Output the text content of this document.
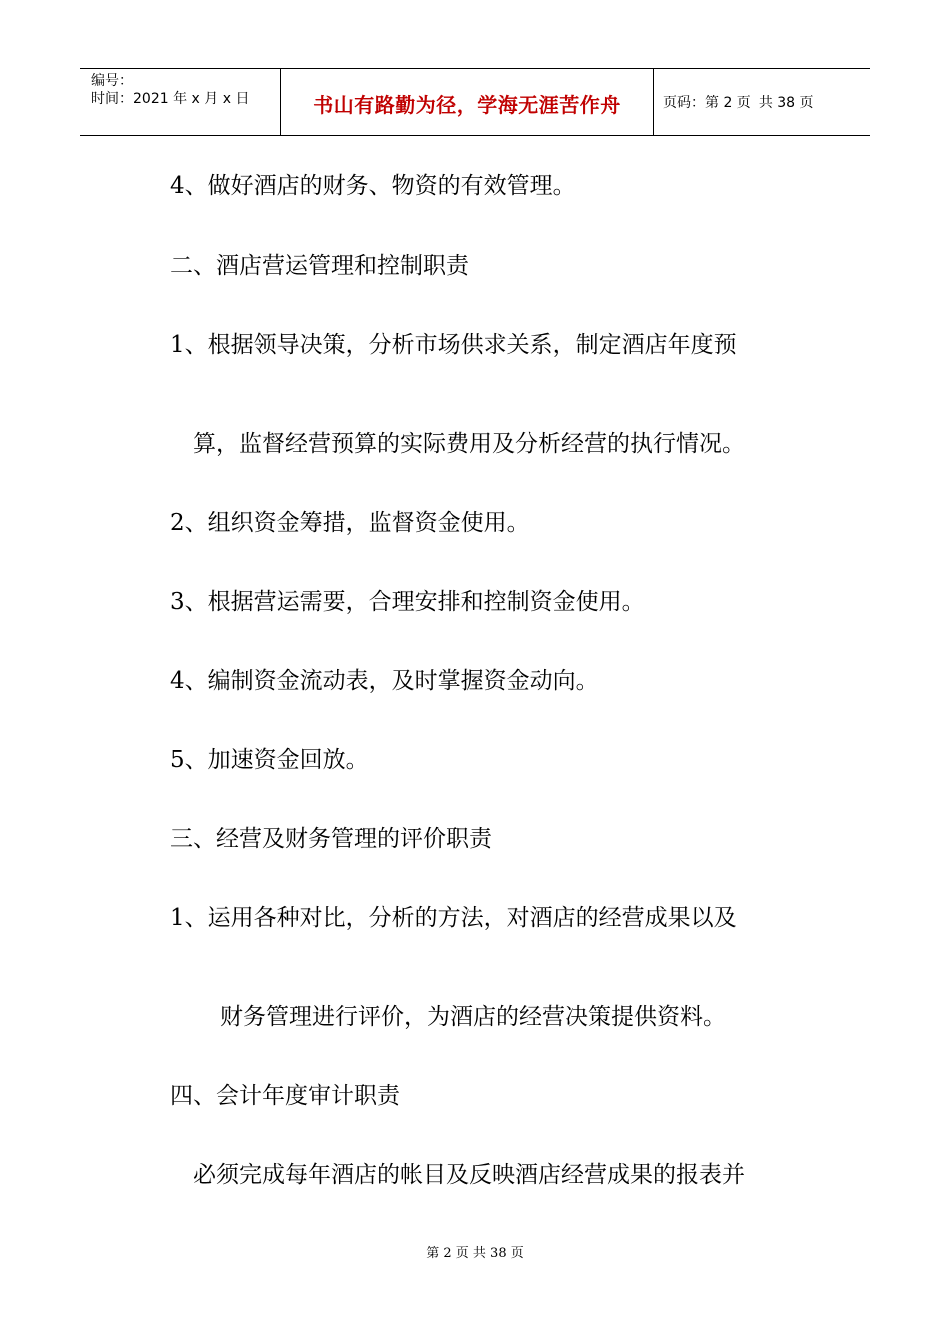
编号：
时间：2021 年 x 月 x 日	书山有路勤为径，学海无涯苦作舟	页码：第 2 页 共 38 页
4、做好酒店的财务、物资的有效管理。
二、酒店营运管理和控制职责
1、根据领导决策，分析市场供求关系，制定酒店年度预
算，监督经营预算的实际费用及分析经营的执行情况。
2、组织资金筹措，监督资金使用。
3、根据营运需要，合理安排和控制资金使用。
4、编制资金流动表，及时掌握资金动向。
5、加速资金回放。
三、经营及财务管理的评价职责
1、运用各种对比，分析的方法，对酒店的经营成果以及
财务管理进行评价，为酒店的经营决策提供资料。
四、会计年度审计职责
必须完成每年酒店的帐目及反映酒店经营成果的报表并
第 2 页 共 38 页
